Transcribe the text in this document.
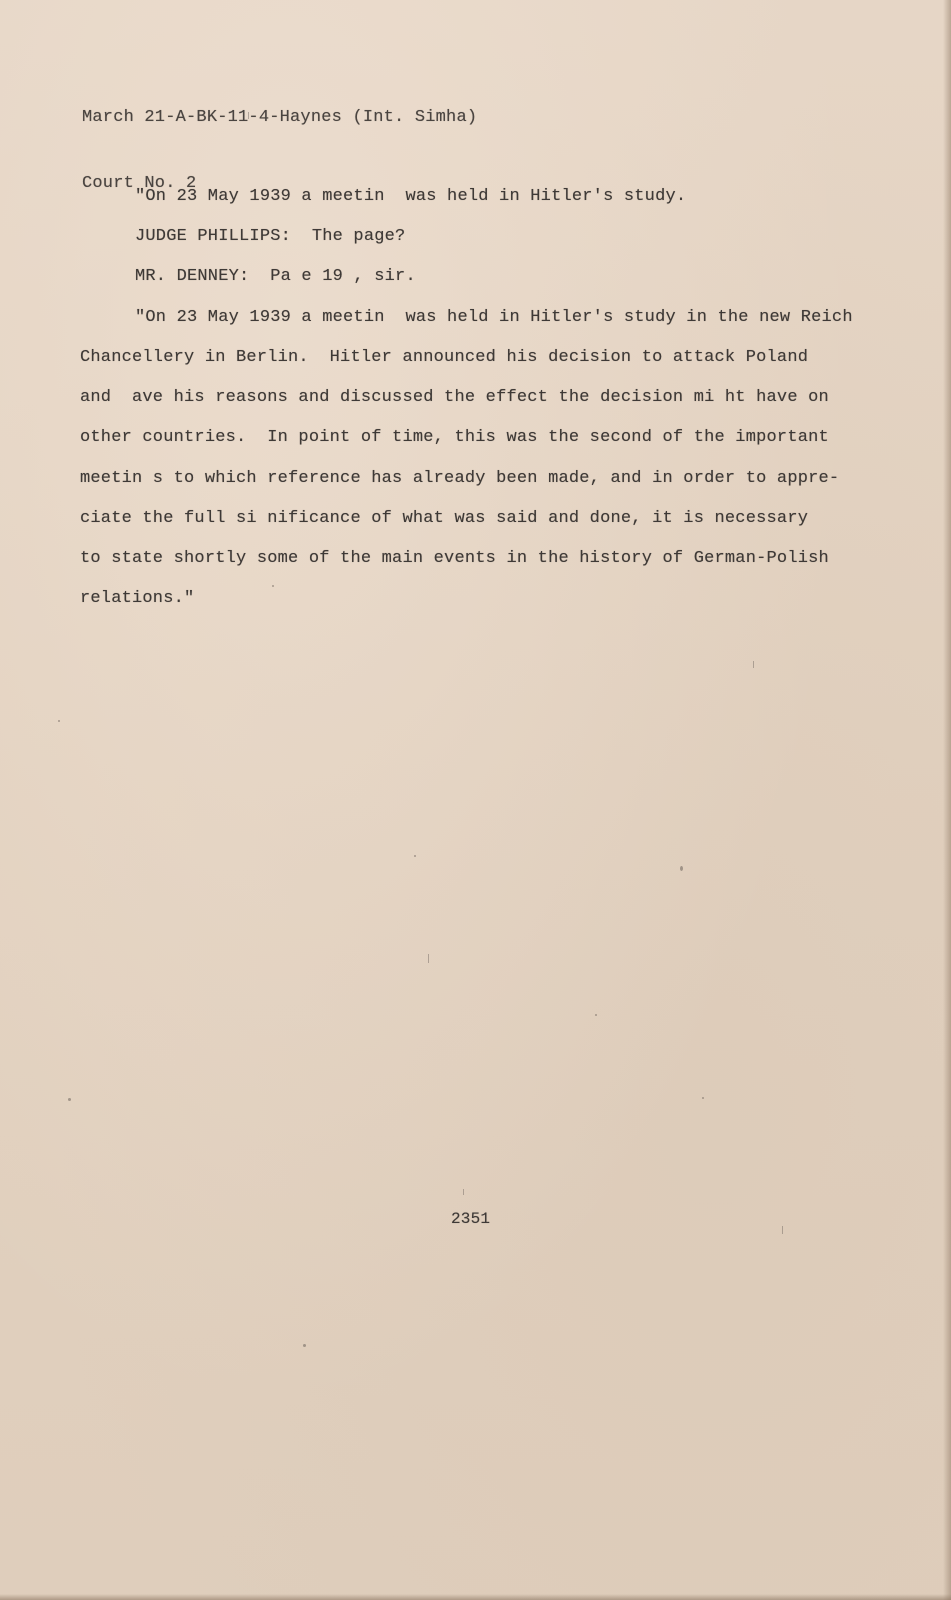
March 21-A-BK-11-4-Haynes (Int. Simha)

Court No. 2

"On 23 May 1939 a meetin  was held in Hitler's study.

JUDGE PHILLIPS:  The page?

MR. DENNEY:  Pa e 19 , sir.

"On 23 May 1939 a meetin  was held in Hitler's study in the new Reich

Chancellery in Berlin.  Hitler announced his decision to attack Poland

and  ave his reasons and discussed the effect the decision mi ht have on

other countries.  In point of time, this was the second of the important

meetin s to which reference has already been made, and in order to appre-

ciate the full si nificance of what was said and done, it is necessary

to state shortly some of the main events in the history of German-Polish

relations."

2351
